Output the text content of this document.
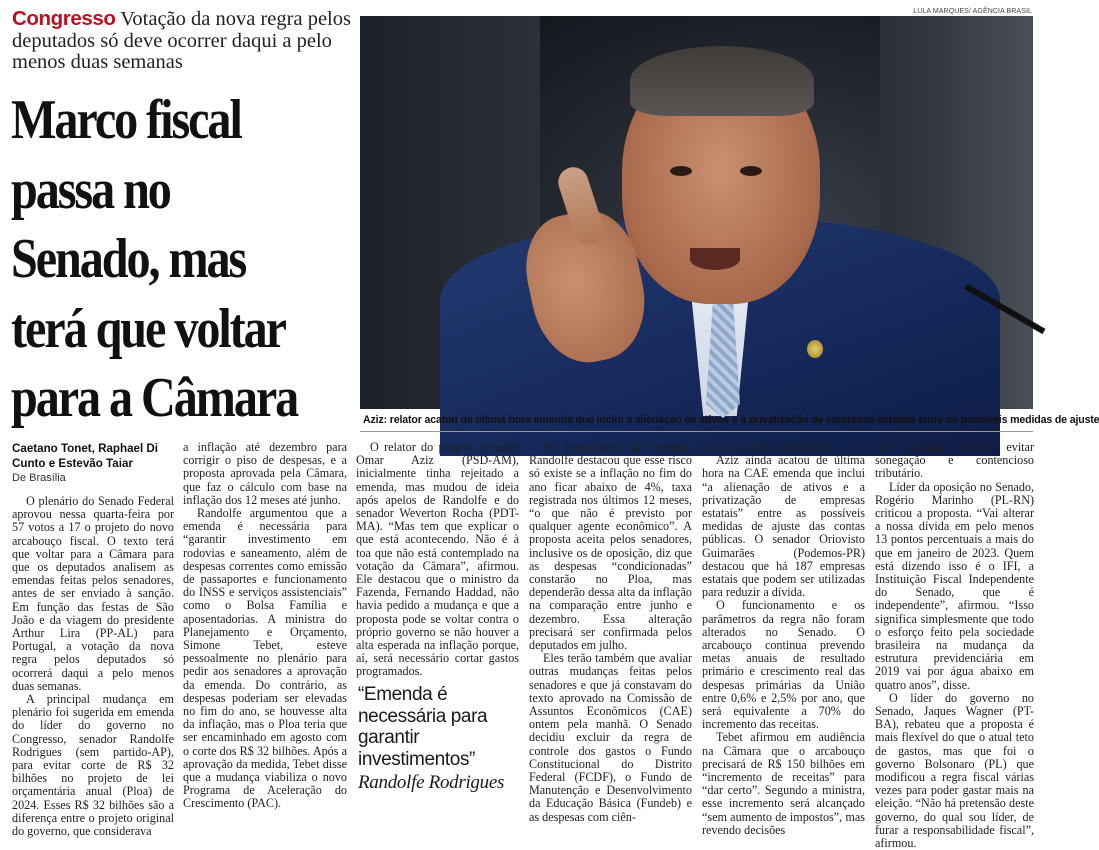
Congresso Votação da nova regra pelos deputados só deve ocorrer daqui a pelo menos duas semanas
Marco fiscal
passa no
Senado, mas
terá que voltar
para a Câmara
LULA MARQUES/ AGÊNCIA BRASIL
Aziz: relator acatou de última hora emenda que inclui a alienação de ativos e a privatização de empresas estatais entre as possíveis medidas de ajuste
Caetano Tonet, Raphael Di Cunto e Estevão Taiar
De Brasília

O plenário do Senado Federal aprovou nessa quarta-feira por 57 votos a 17 o projeto do novo arcabouço fiscal. O texto terá que voltar para a Câmara para que os deputados analisem as emendas feitas pelos senadores, antes de ser enviado à sanção. Em função das festas de São João e da viagem do presidente Arthur Lira (PP-AL) para Portugal, a votação da nova regra pelos deputados só ocorrerá daqui a pelo menos duas semanas.

A principal mudança em plenário foi sugerida em emenda do líder do governo no Congresso, senador Randolfe Rodrigues (sem partido-AP), para evitar corte de R$ 32 bilhões no projeto de lei orçamentária anual (Ploa) de 2024. Esses R$ 32 bilhões são a diferença entre o projeto original do governo, que considerava

a inflação até dezembro para corrigir o piso de despesas, e a proposta aprovada pela Câmara, que faz o cálculo com base na inflação dos 12 meses até junho.

Randolfe argumentou que a emenda é necessária para “garantir investimento em rodovias e saneamento, além de despesas correntes como emissão de passaportes e funcionamento do INSS e serviços assistenciais” como o Bolsa Família e aposentadorias. A ministra do Planejamento e Orçamento, Simone Tebet, esteve pessoalmente no plenário para pedir aos senadores a aprovação da emenda. Do contrário, as despesas poderiam ser elevadas no fim do ano, se houvesse alta da inflação, mas o Ploa teria que ser encaminhado em agosto com o corte dos R$ 32 bilhões. Após a aprovação da medida, Tebet disse que a mudança viabiliza o novo Programa de Aceleração do Crescimento (PAC).

O relator do projeto, senador Omar Aziz (PSD-AM), inicialmente tinha rejeitado a emenda, mas mudou de ideia após apelos de Randolfe e do senador Weverton Rocha (PDT-MA). “Mas tem que explicar o que está acontecendo. Não é à toa que não está contemplado na votação da Câmara”, afirmou. Ele destacou que o ministro da Fazenda, Fernando Haddad, não havia pedido a mudança e que a proposta pode se voltar contra o próprio governo se não houver a alta esperada na inflação porque, aí, será necessário cortar gastos programados.

“Emenda é necessária para garantir investimentos”
Randolfe Rodrigues

Na justificativa da emenda, Randolfe destacou que esse risco só existe se a inflação no fim do ano ficar abaixo de 4%, taxa registrada nos últimos 12 meses, “o que não é previsto por qualquer agente econômico”. A proposta aceita pelos senadores, inclusive os de oposição, diz que as despesas “condicionadas” constarão no Ploa, mas dependerão dessa alta da inflação na comparação entre junho e dezembro. Essa alteração precisará ser confirmada pelos deputados em julho.

Eles terão também que avaliar outras mudanças feitas pelos senadores e que já constavam do texto aprovado na Comissão de Assuntos Econômicos (CAE) ontem pela manhã. O Senado decidiu excluir da regra de controle dos gastos o Fundo Constitucional do Distrito Federal (FCDF), o Fundo de Manutenção e Desenvolvimento da Educação Básica (Fundeb) e as despesas com ciên-

cia, tecnologia e inovação.

Aziz ainda acatou de última hora na CAE emenda que inclui “a alienação de ativos e a privatização de empresas estatais” entre as possíveis medidas de ajuste das contas públicas. O senador Oriovisto Guimarães (Podemos-PR) destacou que há 187 empresas estatais que podem ser utilizadas para reduzir a dívida.

O funcionamento e os parâmetros da regra não foram alterados no Senado. O arcabouço continua prevendo metas anuais de resultado primário e crescimento real das despesas primárias da União entre 0,6% e 2,5% por ano, que será equivalente a 70% do incremento das receitas.

Tebet afirmou em audiência na Câmara que o arcabouço precisará de R$ 150 bilhões em “incremento de receitas” para “dar certo”. Segundo a ministra, esse incremento será alcançado “sem aumento de impostos”, mas revendo decisões

do passado para evitar sonegação e contencioso tributário.

Líder da oposição no Senado, Rogério Marinho (PL-RN) criticou a proposta. “Vai alterar a nossa dívida em pelo menos 13 pontos percentuais a mais do que em janeiro de 2023. Quem está dizendo isso é o IFI, a Instituição Fiscal Independente do Senado, que é independente”, afirmou. “Isso significa simplesmente que todo o esforço feito pela sociedade brasileira na mudança da estrutura previdenciária em 2019 vai por água abaixo em quatro anos”, disse.

O líder do governo no Senado, Jaques Wagner (PT-BA), rebateu que a proposta é mais flexível do que o atual teto de gastos, mas que foi o governo Bolsonaro (PL) que modificou a regra fiscal várias vezes para poder gastar mais na eleição. “Não há pretensão deste governo, do qual sou líder, de furar a responsabilidade fiscal”, afirmou.
